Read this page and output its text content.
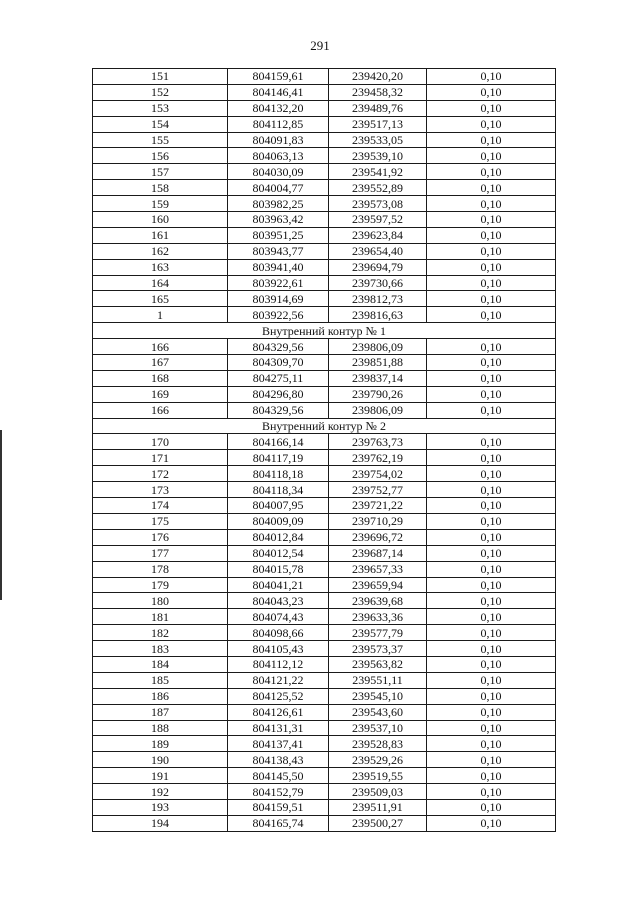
291
151	804159,61	239420,20	0,10
152	804146,41	239458,32	0,10
153	804132,20	239489,76	0,10
154	804112,85	239517,13	0,10
155	804091,83	239533,05	0,10
156	804063,13	239539,10	0,10
157	804030,09	239541,92	0,10
158	804004,77	239552,89	0,10
159	803982,25	239573,08	0,10
160	803963,42	239597,52	0,10
161	803951,25	239623,84	0,10
162	803943,77	239654,40	0,10
163	803941,40	239694,79	0,10
164	803922,61	239730,66	0,10
165	803914,69	239812,73	0,10
1	803922,56	239816,63	0,10
Внутренний контур № 1			
166	804329,56	239806,09	0,10
167	804309,70	239851,88	0,10
168	804275,11	239837,14	0,10
169	804296,80	239790,26	0,10
166	804329,56	239806,09	0,10
Внутренний контур № 2			
170	804166,14	239763,73	0,10
171	804117,19	239762,19	0,10
172	804118,18	239754,02	0,10
173	804118,34	239752,77	0,10
174	804007,95	239721,22	0,10
175	804009,09	239710,29	0,10
176	804012,84	239696,72	0,10
177	804012,54	239687,14	0,10
178	804015,78	239657,33	0,10
179	804041,21	239659,94	0,10
180	804043,23	239639,68	0,10
181	804074,43	239633,36	0,10
182	804098,66	239577,79	0,10
183	804105,43	239573,37	0,10
184	804112,12	239563,82	0,10
185	804121,22	239551,11	0,10
186	804125,52	239545,10	0,10
187	804126,61	239543,60	0,10
188	804131,31	239537,10	0,10
189	804137,41	239528,83	0,10
190	804138,43	239529,26	0,10
191	804145,50	239519,55	0,10
192	804152,79	239509,03	0,10
193	804159,51	239511,91	0,10
194	804165,74	239500,27	0,10
